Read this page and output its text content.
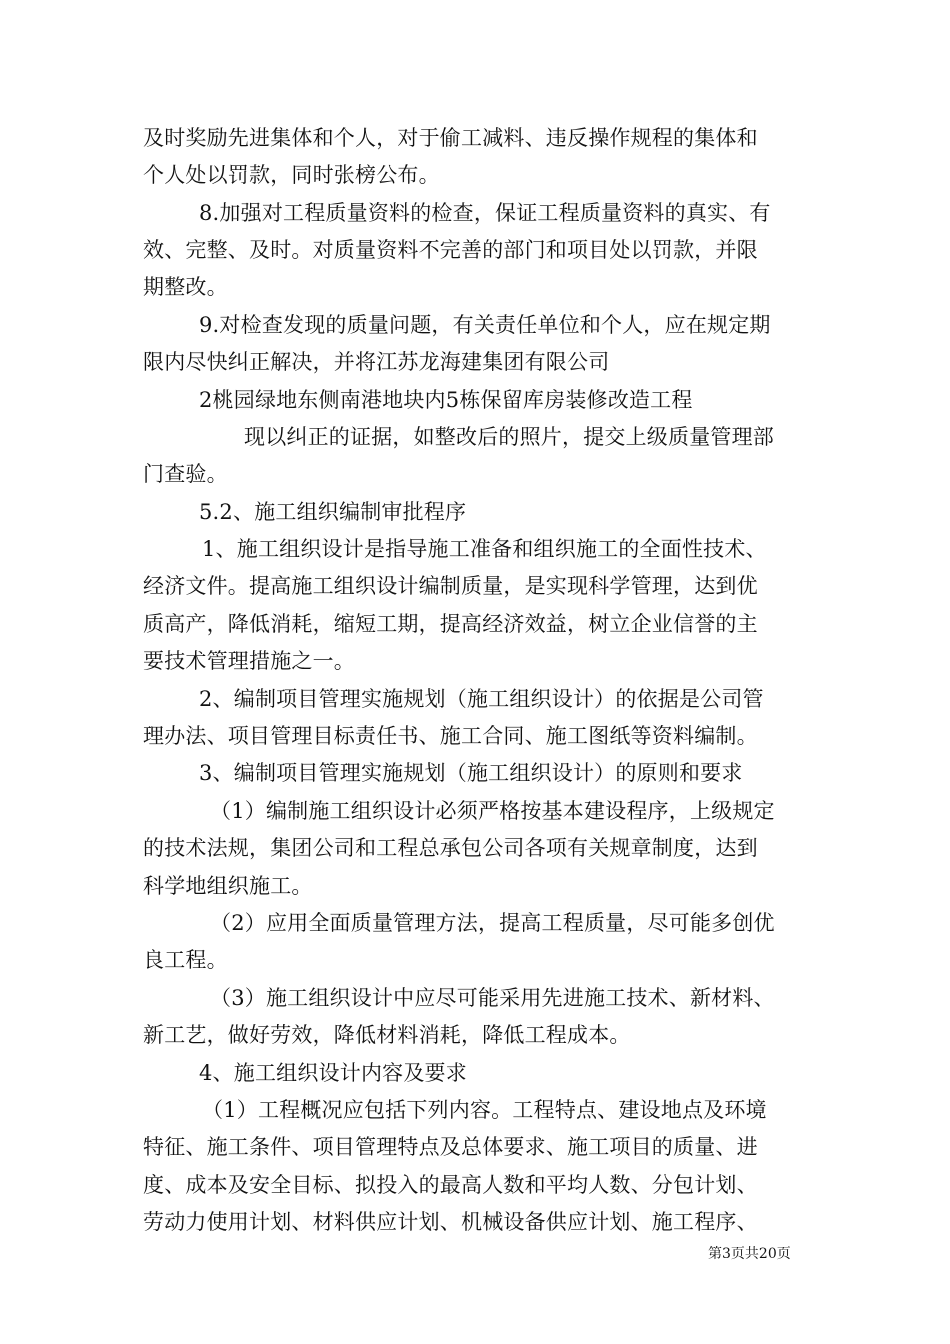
及时奖励先进集体和个人，对于偷工减料、违反操作规程的集体和
个人处以罚款，同时张榜公布。
8.加强对工程质量资料的检查，保证工程质量资料的真实、有
效、完整、及时。对质量资料不完善的部门和项目处以罚款，并限
期整改。
9.对检查发现的质量问题，有关责任单位和个人，应在规定期
限内尽快纠正解决，并将江苏龙海建集团有限公司
2桃园绿地东侧南港地块内5栋保留库房装修改造工程
现以纠正的证据，如整改后的照片，提交上级质量管理部
门查验。
5.2、施工组织编制审批程序
1、施工组织设计是指导施工准备和组织施工的全面性技术、
经济文件。提高施工组织设计编制质量，是实现科学管理，达到优
质高产，降低消耗，缩短工期，提高经济效益，树立企业信誉的主
要技术管理措施之一。
2、编制项目管理实施规划（施工组织设计）的依据是公司管
理办法、项目管理目标责任书、施工合同、施工图纸等资料编制。
3、编制项目管理实施规划（施工组织设计）的原则和要求
（1）编制施工组织设计必须严格按基本建设程序，上级规定
的技术法规，集团公司和工程总承包公司各项有关规章制度，达到
科学地组织施工。
（2）应用全面质量管理方法，提高工程质量，尽可能多创优
良工程。
（3）施工组织设计中应尽可能采用先进施工技术、新材料、
新工艺，做好劳效，降低材料消耗，降低工程成本。
4、施工组织设计内容及要求
（1）工程概况应包括下列内容。工程特点、建设地点及环境
特征、施工条件、项目管理特点及总体要求、施工项目的质量、进
度、成本及安全目标、拟投入的最高人数和平均人数、分包计划、
劳动力使用计划、材料供应计划、机械设备供应计划、施工程序、
第3页共20页
